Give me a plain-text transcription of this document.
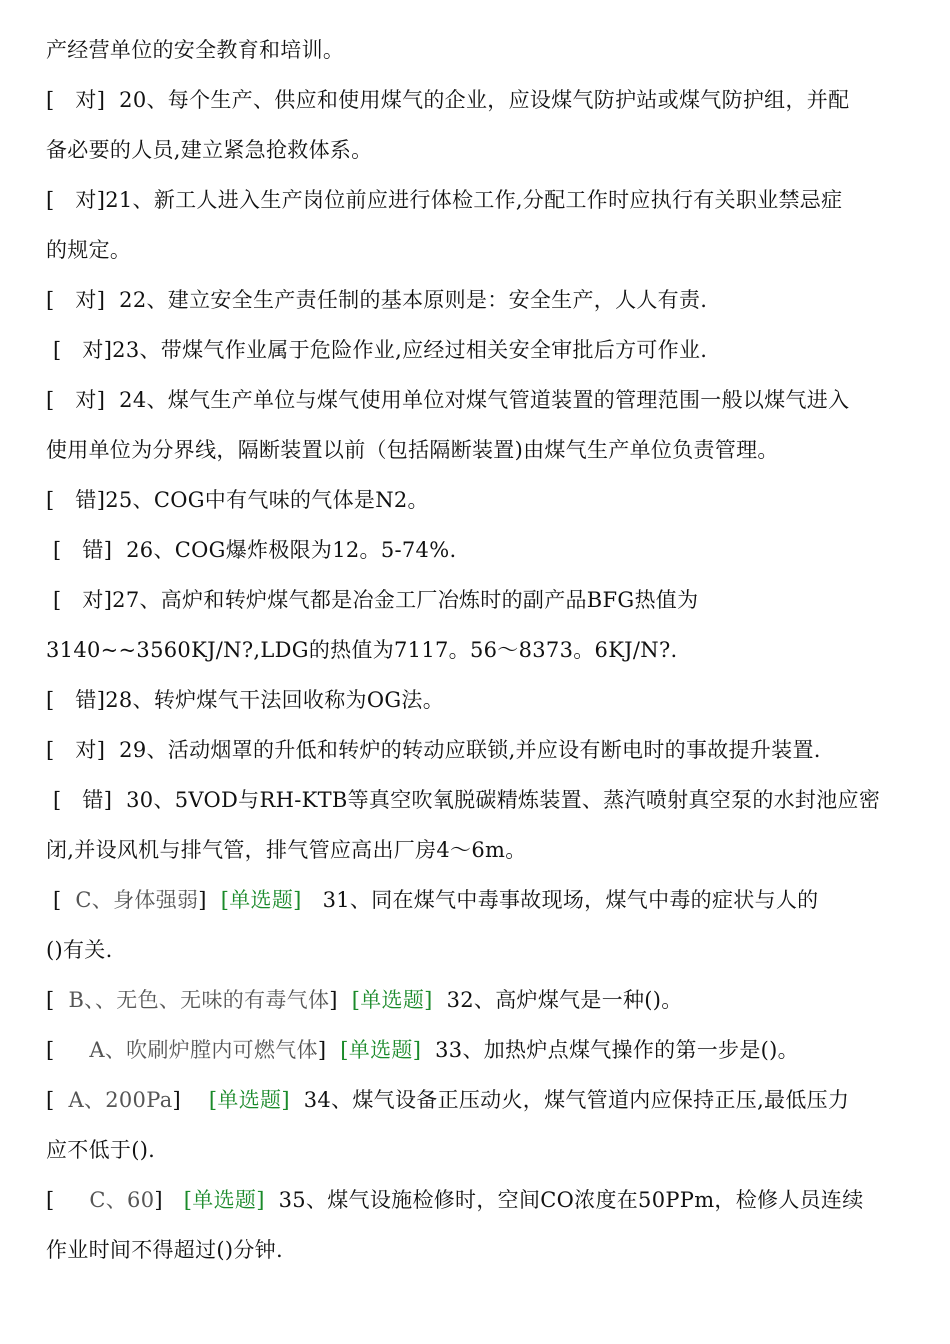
产经营单位的安全教育和培训。
[   对]  20、每个生产、供应和使用煤气的企业，应设煤气防护站或煤气防护组，并配
备必要的人员,建立紧急抢救体系。
[   对]21、新工人进入生产岗位前应进行体检工作,分配工作时应执行有关职业禁忌症
的规定。
[   对]  22、建立安全生产责任制的基本原则是：安全生产，人人有责.
[   对]23、带煤气作业属于危险作业,应经过相关安全审批后方可作业.
[   对]  24、煤气生产单位与煤气使用单位对煤气管道装置的管理范围一般以煤气进入
使用单位为分界线，隔断装置以前（包括隔断装置)由煤气生产单位负责管理。
[   错]25、COG中有气味的气体是N2。
[   错]  26、COG爆炸极限为12。5-74%.
[   对]27、高炉和转炉煤气都是冶金工厂冶炼时的副产品BFG热值为
3140~~3560KJ/N?,LDG的热值为7117。56～8373。6KJ/N?.
[   错]28、转炉煤气干法回收称为OG法。
[   对]  29、活动烟罩的升低和转炉的转动应联锁,并应设有断电时的事故提升装置.
[   错]  30、5VOD与RH-KTB等真空吹氧脱碳精炼装置、蒸汽喷射真空泵的水封池应密
闭,并设风机与排气管，排气管应高出厂房4～6m。
[  C、身体强弱]  [单选题]   31、同在煤气中毒事故现场，煤气中毒的症状与人的
()有关.
[  B、、无色、无味的有毒气体]  [单选题]  32、高炉煤气是一种()。
[     A、吹刷炉膛内可燃气体]  [单选题]  33、加热炉点煤气操作的第一步是()。
[  A、200Pa]    [单选题]  34、煤气设备正压动火，煤气管道内应保持正压,最低压力
应不低于().
[     C、60]   [单选题]  35、煤气设施检修时，空间CO浓度在50PPm，检修人员连续
作业时间不得超过()分钟.
